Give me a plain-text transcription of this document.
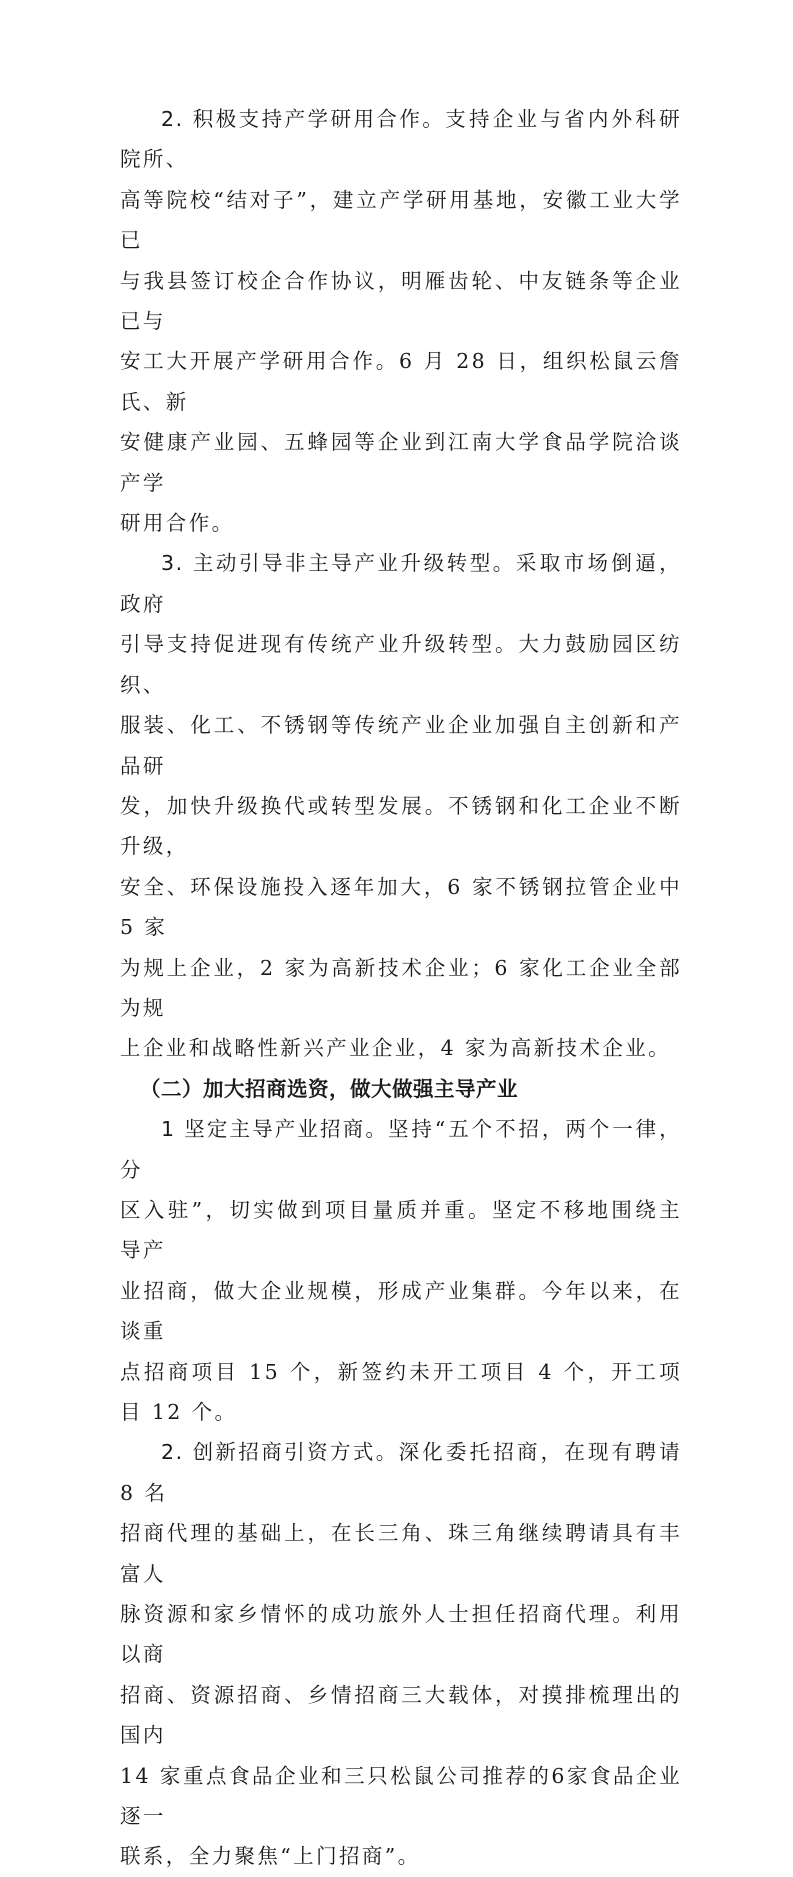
2. 积极支持产学研用合作。支持企业与省内外科研院所、

高等院校“结对子”，建立产学研用基地，安徽工业大学已

与我县签订校企合作协议，明雁齿轮、中友链条等企业已与

安工大开展产学研用合作。6 月 28 日，组织松鼠云詹氏、新

安健康产业园、五蜂园等企业到江南大学食品学院洽谈产学

研用合作。

3. 主动引导非主导产业升级转型。采取市场倒逼，政府

引导支持促进现有传统产业升级转型。大力鼓励园区纺织、

服装、化工、不锈钢等传统产业企业加强自主创新和产品研

发，加快升级换代或转型发展。不锈钢和化工企业不断升级，

安全、环保设施投入逐年加大，6 家不锈钢拉管企业中 5 家

为规上企业，2 家为高新技术企业；6 家化工企业全部为规

上企业和战略性新兴产业企业，4 家为高新技术企业。

（二）加大招商选资，做大做强主导产业

1 坚定主导产业招商。坚持“五个不招，两个一律，分

区入驻”，切实做到项目量质并重。坚定不移地围绕主导产

业招商，做大企业规模，形成产业集群。今年以来，在谈重

点招商项目 15 个，新签约未开工项目 4 个，开工项目 12 个。

2. 创新招商引资方式。深化委托招商，在现有聘请 8 名

招商代理的基础上，在长三角、珠三角继续聘请具有丰富人

脉资源和家乡情怀的成功旅外人士担任招商代理。利用以商

招商、资源招商、乡情招商三大载体，对摸排梳理出的国内

14 家重点食品企业和三只松鼠公司推荐的6家食品企业逐一

联系，全力聚焦“上门招商”。
